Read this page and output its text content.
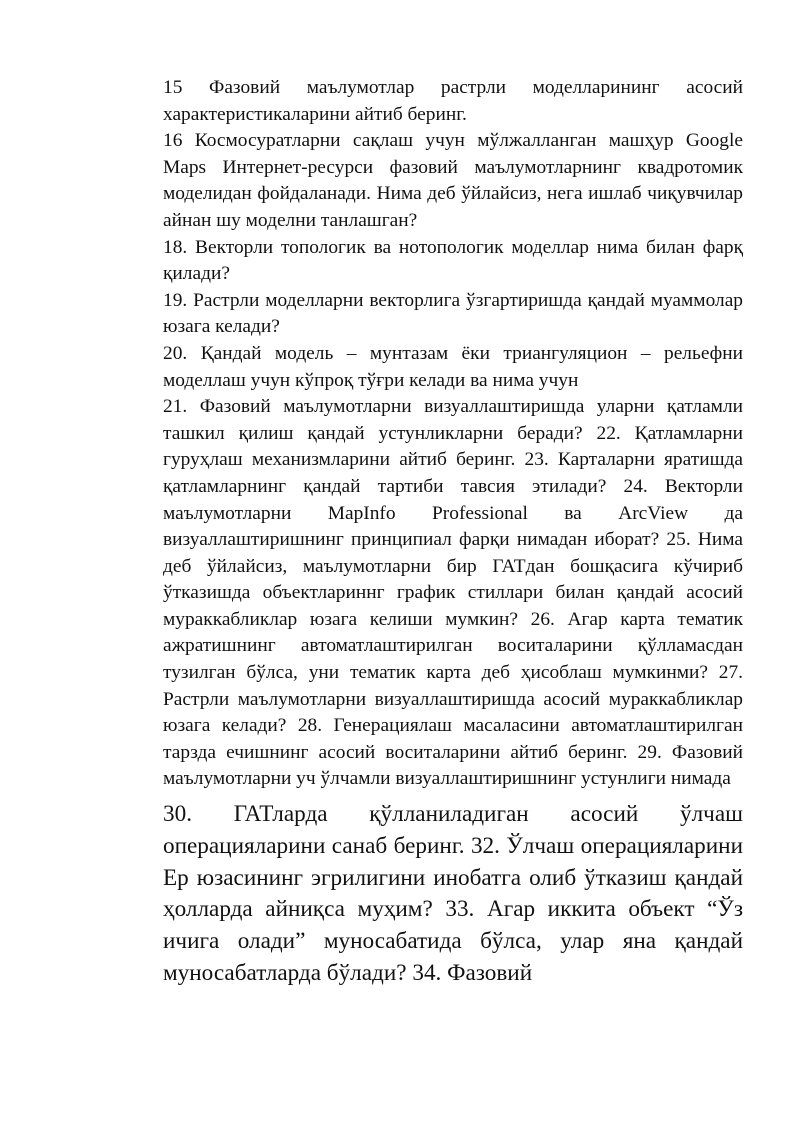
15 Фазовий маълумотлар растрли моделларининг асосий характеристикаларини айтиб беринг.

16 Космосуратларни сақлаш учун мўлжалланган машҳур Google Maps Интернет-ресурси фазовий маълумотларнинг квадротомик моделидан фойдаланади. Нима деб ўйлайсиз, нега ишлаб чиқувчилар айнан шу моделни танлашган?

18. Векторли топологик ва нотопологик моделлар нима билан фарқ қилади?

19. Растрли моделларни векторлига ўзгартиришда қандай муаммолар юзага келади?

20. Қандай модель – мунтазам ёки триангуляцион – рельефни моделлаш учун кўпроқ тўғри келади ва нима учун

21. Фазовий маълумотларни визуаллаштиришда уларни қатламли ташкил қилиш қандай устунликларни беради? 22. Қатламларни гуруҳлаш механизмларини айтиб беринг. 23. Карталарни яратишда қатламларнинг қандай тартиби тавсия этилади? 24. Векторли маълумотларни MapInfo Professional ва ArcView да визуаллаштиришнинг принципиал фарқи нимадан иборат? 25. Нима деб ўйлайсиз, маълумотларни бир ГАТдан бошқасига кўчириб ўтказишда объектлариннг график стиллари билан қандай асосий мураккабликлар юзага келиши мумкин? 26. Агар карта тематик ажратишнинг автоматлаштирилган воситаларини қўлламасдан тузилган бўлса, уни тематик карта деб ҳисоблаш мумкинми? 27. Растрли маълумотларни визуаллаштиришда асосий мураккабликлар юзага келади? 28. Генерациялаш масаласини автоматлаштирилган тарзда ечишнинг асосий воситаларини айтиб беринг. 29. Фазовий маълумотларни уч ўлчамли визуаллаштиришнинг устунлиги нимада

30. ГАТларда қўлланиладиган асосий ўлчаш операцияларини санаб беринг. 32. Ўлчаш операцияларини Ер юзасининг эгрилигини инобатга олиб ўтказиш қандай ҳолларда айниқса муҳим? 33. Агар иккита объект “Ўз ичига олади” муносабатида бўлса, улар яна қандай муносабатларда бўлади? 34. Фазовий
